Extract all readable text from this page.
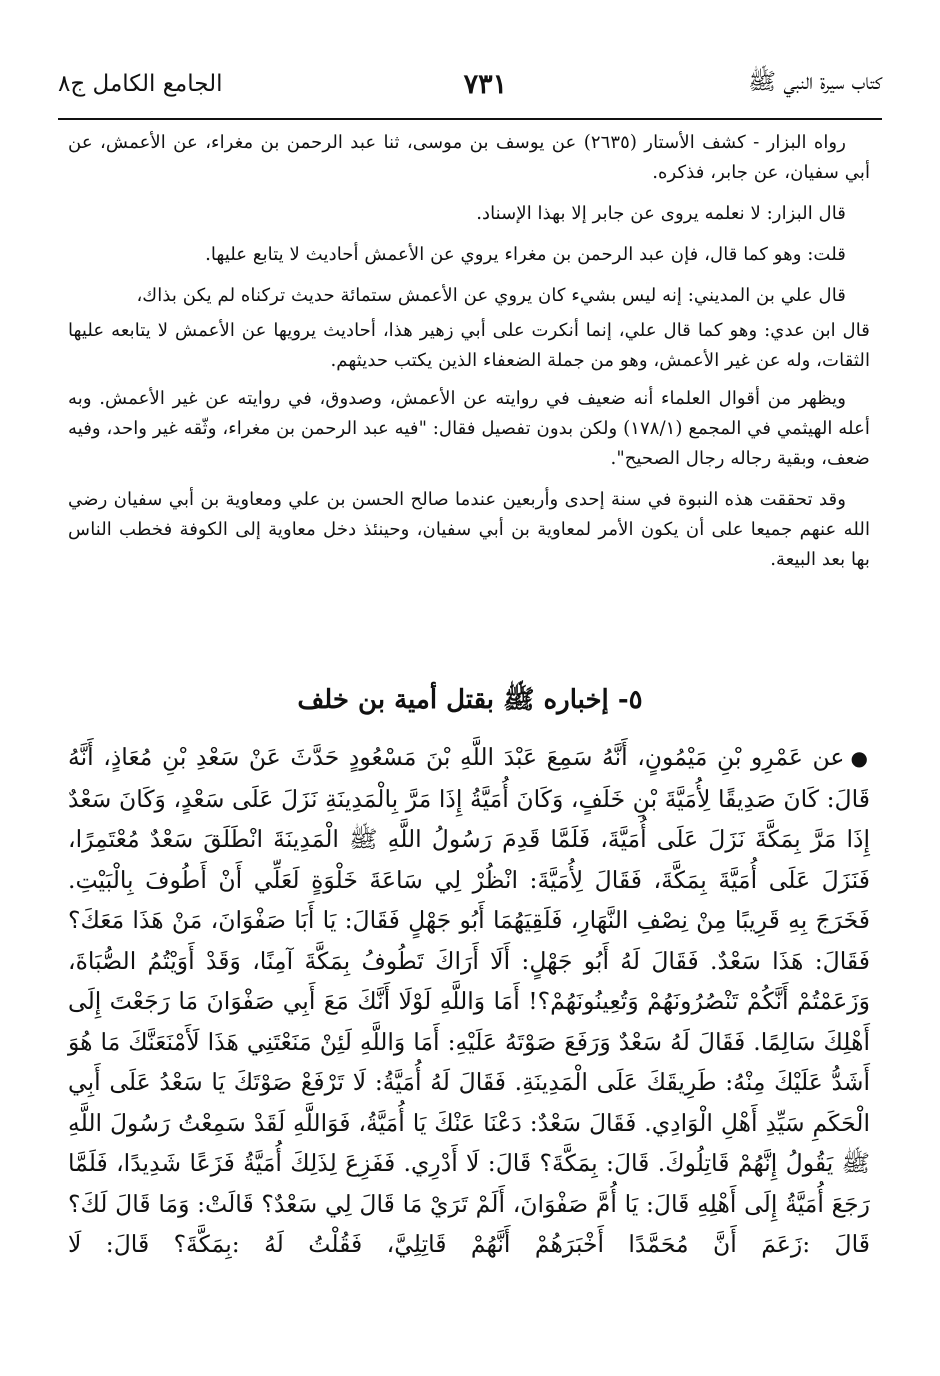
كتاب سيرة النبي ﷺ
٧٣١
الجامع الكامل ج٨

رواه البزار - كشف الأستار (٢٦٣٥) عن يوسف بن موسى، ثنا عبد الرحمن بن مغراء، عن الأعمش، عن أبي سفيان، عن جابر، فذكره.

قال البزار: لا نعلمه يروى عن جابر إلا بهذا الإسناد.

قلت: وهو كما قال، فإن عبد الرحمن بن مغراء يروي عن الأعمش أحاديث لا يتابع عليها.

قال علي بن المديني: إنه ليس بشيء كان يروي عن الأعمش ستمائة حديث تركناه لم يكن بذاك،

قال ابن عدي: وهو كما قال علي، إنما أنكرت على أبي زهير هذا، أحاديث يرويها عن الأعمش لا يتابعه عليها الثقات، وله عن غير الأعمش، وهو من جملة الضعفاء الذين يكتب حديثهم.

ويظهر من أقوال العلماء أنه ضعيف في روايته عن الأعمش، وصدوق، في روايته عن غير الأعمش. وبه أعله الهيثمي في المجمع (١٧٨/١) ولكن بدون تفصيل فقال: "فيه عبد الرحمن بن مغراء، وثّقه غير واحد، وفيه ضعف، وبقية رجاله رجال الصحيح".

وقد تحققت هذه النبوة في سنة إحدى وأربعين عندما صالح الحسن بن علي ومعاوية بن أبي سفيان رضي الله عنهم جميعا على أن يكون الأمر لمعاوية بن أبي سفيان، وحينئذ دخل معاوية إلى الكوفة فخطب الناس بها بعد البيعة.

٥- إخباره ﷺ بقتل أمية بن خلف

●عن عَمْرِو بْنِ مَيْمُونٍ، أَنَّهُ سَمِعَ عَبْدَ اللَّهِ بْنَ مَسْعُودٍ حَدَّثَ عَنْ سَعْدِ بْنِ مُعَاذٍ، أَنَّهُ قَالَ: كَانَ صَدِيقًا لِأُمَيَّةَ بْنِ خَلَفٍ، وَكَانَ أُمَيَّةُ إِذَا مَرَّ بِالْمَدِينَةِ نَزَلَ عَلَى سَعْدٍ، وَكَانَ سَعْدٌ إِذَا مَرَّ بِمَكَّةَ نَزَلَ عَلَى أُمَيَّةَ، فَلَمَّا قَدِمَ رَسُولُ اللَّهِ ﷺ الْمَدِينَةَ انْطَلَقَ سَعْدٌ مُعْتَمِرًا، فَنَزَلَ عَلَى أُمَيَّةَ بِمَكَّةَ، فَقَالَ لِأُمَيَّةَ: انْظُرْ لِي سَاعَةَ خَلْوَةٍ لَعَلِّي أَنْ أَطُوفَ بِالْبَيْتِ. فَخَرَجَ بِهِ قَرِيبًا مِنْ نِصْفِ النَّهَارِ، فَلَقِيَهُمَا أَبُو جَهْلٍ فَقَالَ: يَا أَبَا صَفْوَانَ، مَنْ هَذَا مَعَكَ؟ فَقَالَ: هَذَا سَعْدٌ. فَقَالَ لَهُ أَبُو جَهْلٍ: أَلَا أَرَاكَ تَطُوفُ بِمَكَّةَ آمِنًا، وَقَدْ أَوَيْتُمُ الصُّبَاةَ، وَزَعَمْتُمْ أَنَّكُمْ تَنْصُرُونَهُمْ وَتُعِينُونَهُمْ؟! أَمَا وَاللَّهِ لَوْلَا أَنَّكَ مَعَ أَبِي صَفْوَانَ مَا رَجَعْتَ إِلَى أَهْلِكَ سَالِمًا. فَقَالَ لَهُ سَعْدٌ وَرَفَعَ صَوْتَهُ عَلَيْهِ: أَمَا وَاللَّهِ لَئِنْ مَنَعْتَنِي هَذَا لَأَمْنَعَنَّكَ مَا هُوَ أَشَدُّ عَلَيْكَ مِنْهُ: طَرِيقَكَ عَلَى الْمَدِينَةِ. فَقَالَ لَهُ أُمَيَّةُ: لَا تَرْفَعْ صَوْتَكَ يَا سَعْدُ عَلَى أَبِي الْحَكَمِ سَيِّدِ أَهْلِ الْوَادِي. فَقَالَ سَعْدٌ: دَعْنَا عَنْكَ يَا أُمَيَّةُ، فَوَاللَّهِ لَقَدْ سَمِعْتُ رَسُولَ اللَّهِ ﷺ يَقُولُ إِنَّهُمْ قَاتِلُوكَ. قَالَ: بِمَكَّةَ؟ قَالَ: لَا أَدْرِي. فَفَزِعَ لِذَلِكَ أُمَيَّةُ فَزَعًا شَدِيدًا، فَلَمَّا رَجَعَ أُمَيَّةُ إِلَى أَهْلِهِ قَالَ: يَا أُمَّ صَفْوَانَ، أَلَمْ تَرَيْ مَا قَالَ لِي سَعْدٌ؟ قَالَتْ: وَمَا قَالَ لَكَ؟ قَالَ :زَعَمَ أَنَّ مُحَمَّدًا أَخْبَرَهُمْ أَنَّهُمْ قَاتِلِيَّ، فَقُلْتُ لَهُ :بِمَكَّةَ؟ قَالَ: لَا
